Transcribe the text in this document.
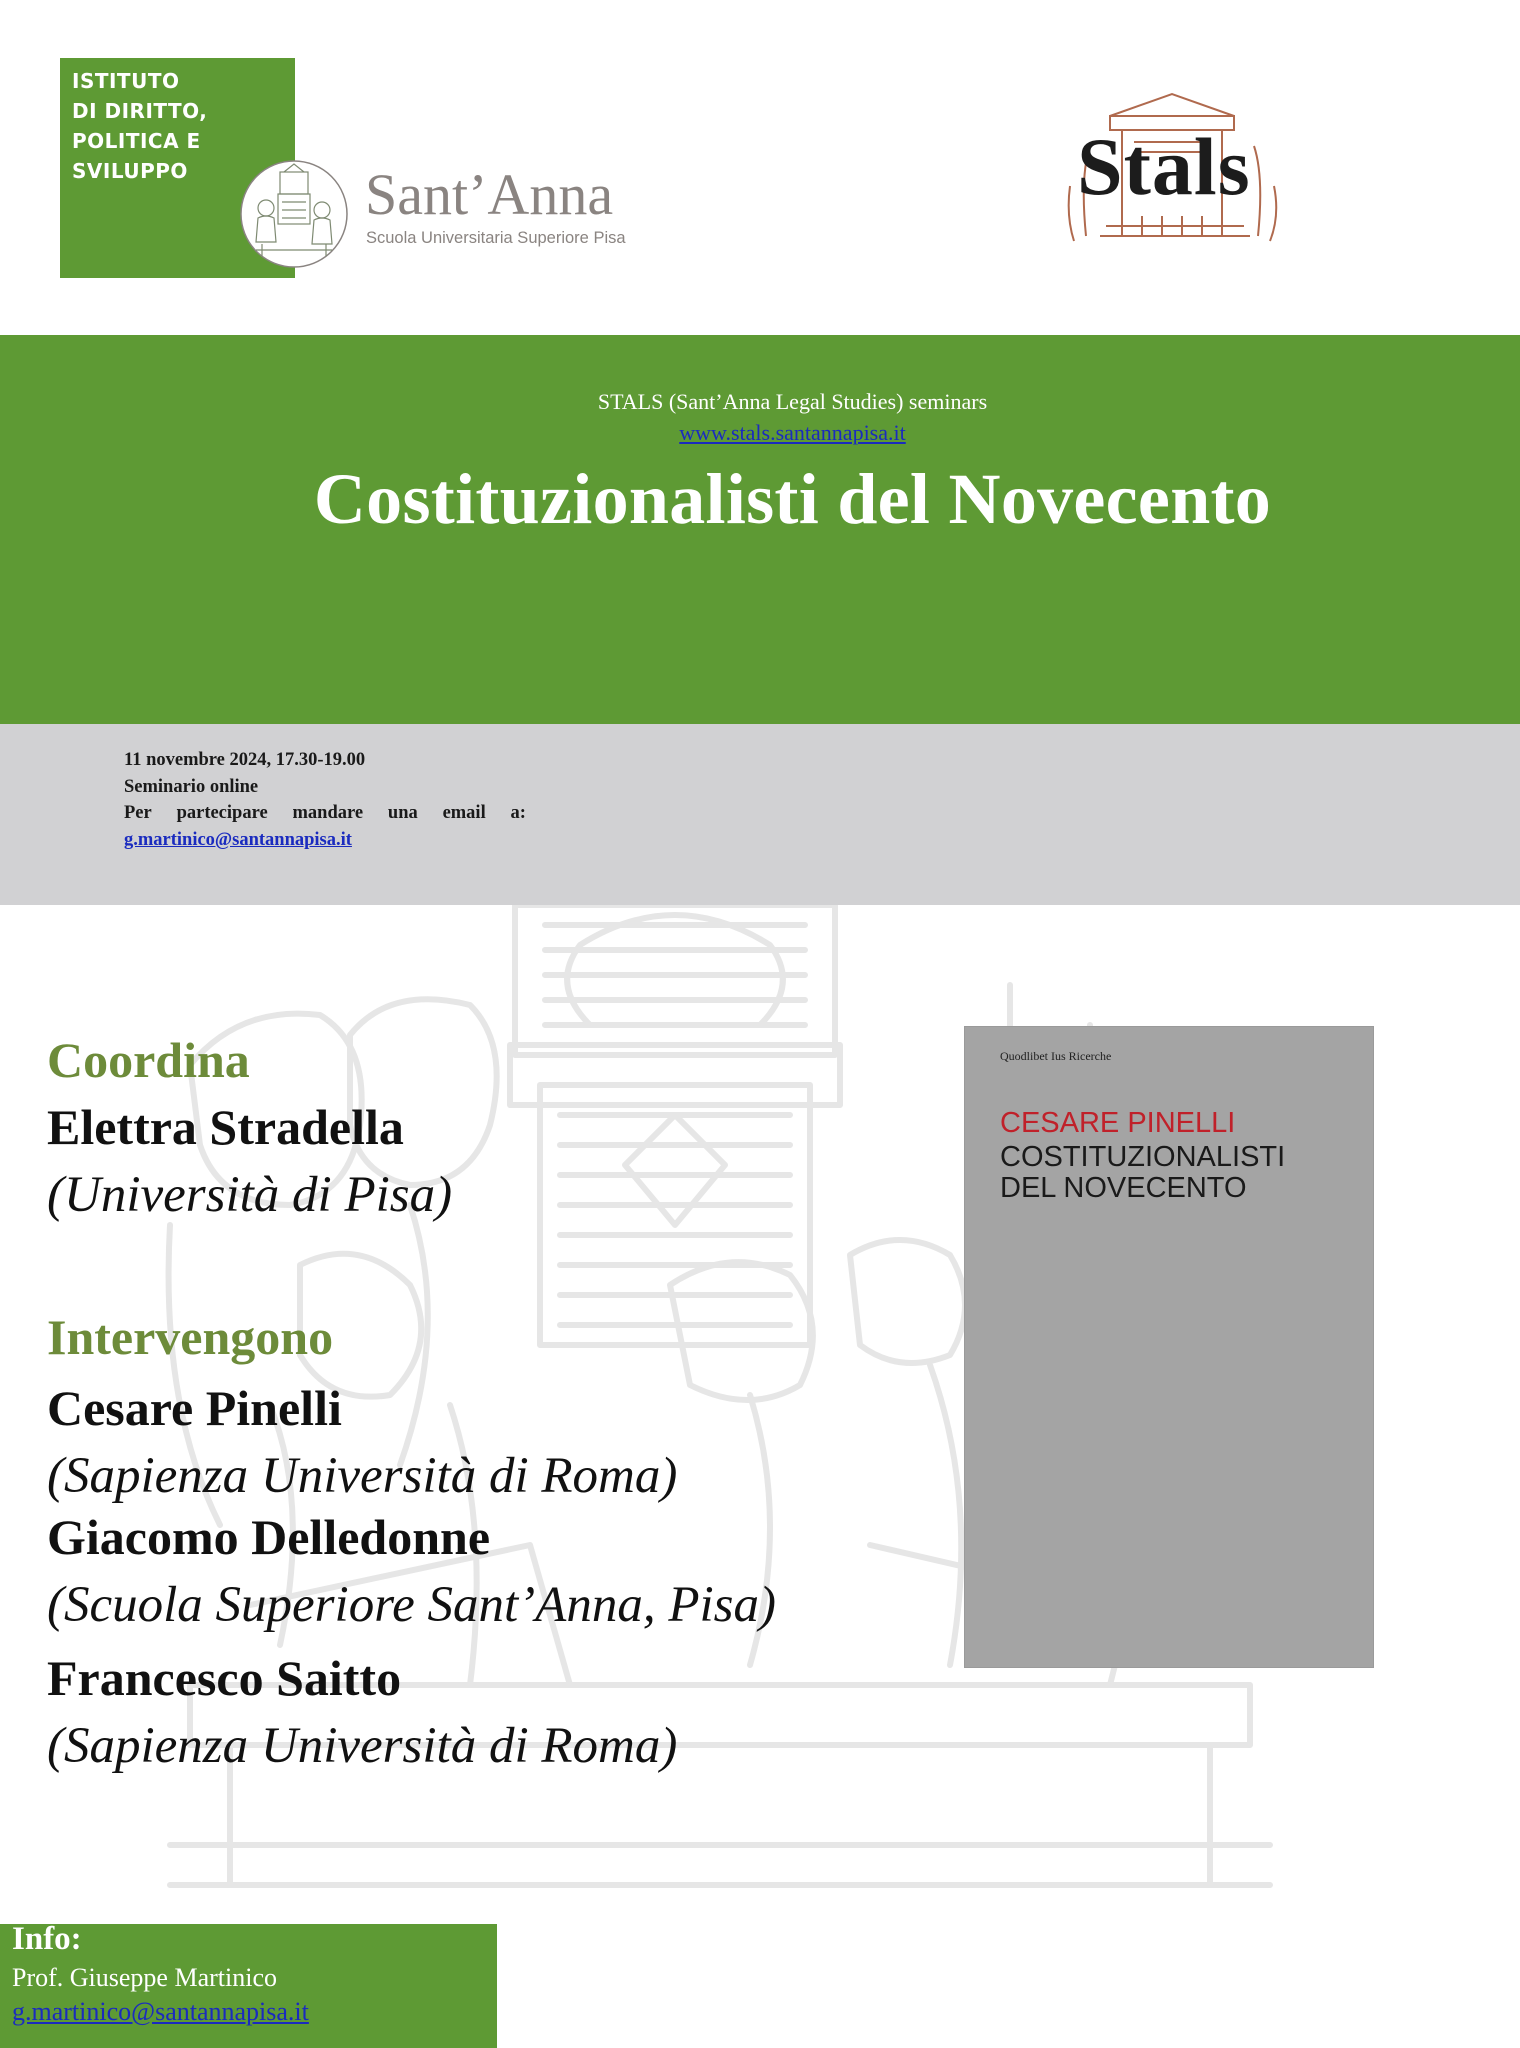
ISTITUTO
DI DIRITTO,
POLITICA E
SVILUPPO	Sant’Anna
Scuola Universitaria Superiore Pisa
Stals
STALS (Sant’Anna Legal Studies) seminars
www.stals.santannapisa.it
Costituzionalisti del Novecento
11 novembre 2024, 17.30-19.00
Seminario online
Per partecipare mandare una email a:
g.martinico@santannapisa.it
Coordina
Elettra Stradella
(Università di Pisa)
Intervengono
Cesare Pinelli
(Sapienza Università di Roma)
Giacomo Delledonne
(Scuola Superiore Sant’Anna, Pisa)
Francesco Saitto
(Sapienza Università di Roma)
Quodlibet Ius Ricerche
CESARE PINELLI
COSTITUZIONALISTI
DEL NOVECENTO
Info:
Prof. Giuseppe Martinico
g.martinico@santannapisa.it
